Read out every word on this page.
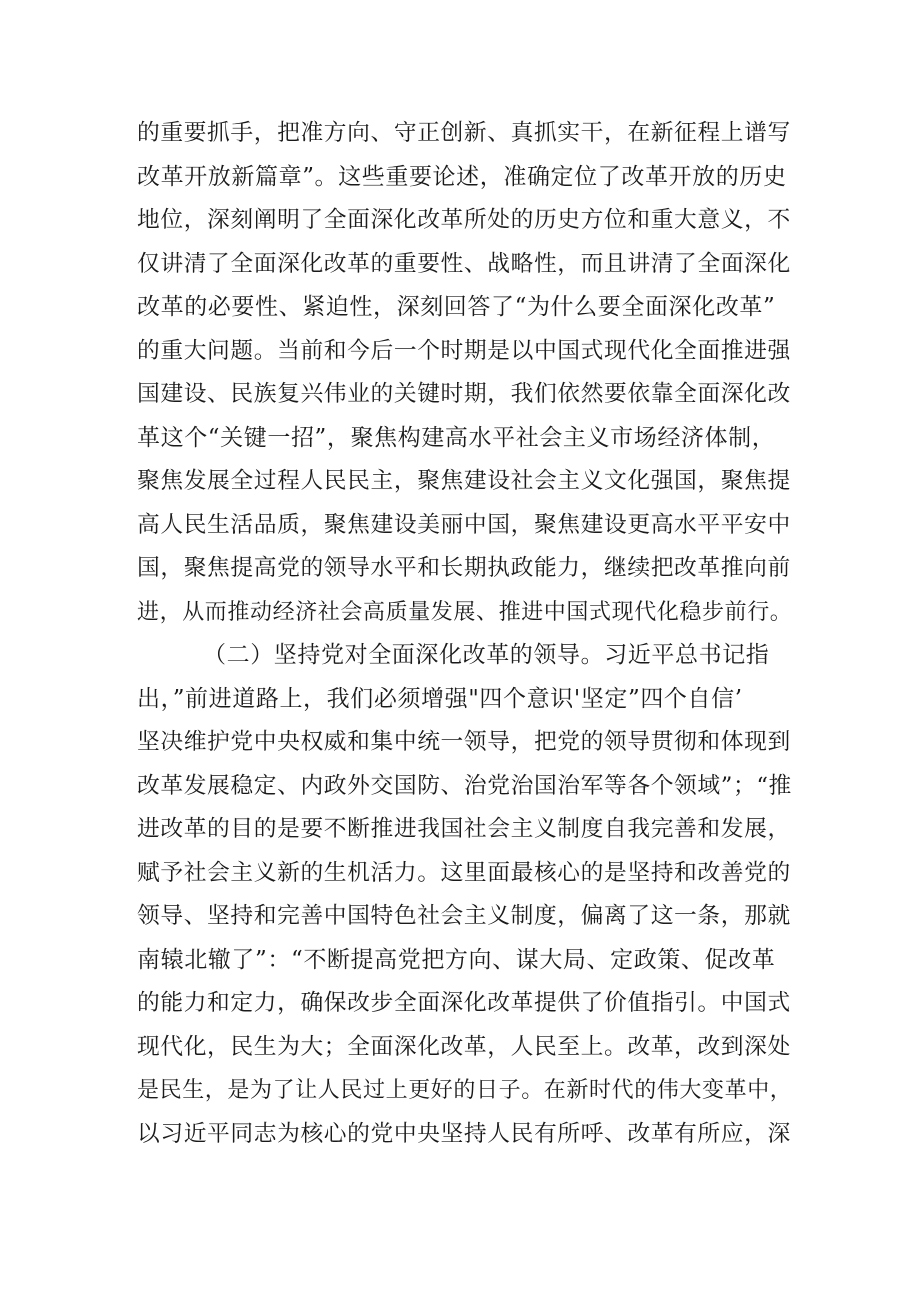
的重要抓手，把准方向、守正创新、真抓实干，在新征程上谱写
改革开放新篇章”。这些重要论述，准确定位了改革开放的历史
地位，深刻阐明了全面深化改革所处的历史方位和重大意义，不
仅讲清了全面深化改革的重要性、战略性，而且讲清了全面深化
改革的必要性、紧迫性，深刻回答了“为什么要全面深化改革”
的重大问题。当前和今后一个时期是以中国式现代化全面推进强
国建设、民族复兴伟业的关键时期，我们依然要依靠全面深化改
革这个“关键一招”，聚焦构建高水平社会主义市场经济体制，
聚焦发展全过程人民民主，聚焦建设社会主义文化强国，聚焦提
高人民生活品质，聚焦建设美丽中国，聚焦建设更高水平平安中
国，聚焦提高党的领导水平和长期执政能力，继续把改革推向前
进，从而推动经济社会高质量发展、推进中国式现代化稳步前行。
（二）坚持党对全面深化改革的领导。习近平总书记指
出，”前进道路上，我们必须增强"四个意识'坚定”四个自信’
坚决维护党中央权威和集中统一领导，把党的领导贯彻和体现到
改革发展稳定、内政外交国防、治党治国治军等各个领域”；“推
进改革的目的是要不断推进我国社会主义制度自我完善和发展，
赋予社会主义新的生机活力。这里面最核心的是坚持和改善党的
领导、坚持和完善中国特色社会主义制度，偏离了这一条，那就
南辕北辙了”：“不断提高党把方向、谋大局、定政策、促改革
的能力和定力，确保改步全面深化改革提供了价值指引。中国式
现代化，民生为大；全面深化改革，人民至上。改革，改到深处
是民生，是为了让人民过上更好的日子。在新时代的伟大变革中，
以习近平同志为核心的党中央坚持人民有所呼、改革有所应，深
